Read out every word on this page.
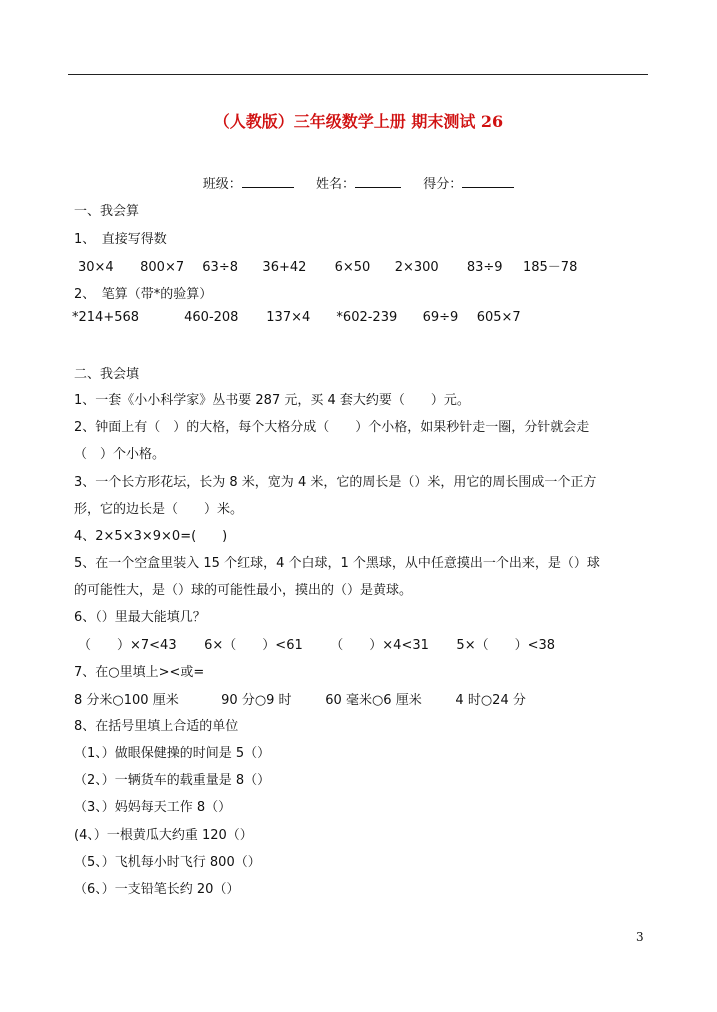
（人教版）三年级数学上册 期末测试 26
班级：	姓名：	得分：
一、我会算
1、　直接写得数
30×4 800×7 63÷8 36+42 6×50 2×300 83÷9 185－78
2、　笔算（带*的验算）
*214+568	460-208 137×4 *602-239 69÷9 605×7
二、我会填
1、一套《小小科学家》丛书要 287 元，买 4 套大约要（　　）元。
2、钟面上有（　）的大格，每个大格分成（　　）个小格，如果秒针走一圈，分针就会走
（　）个小格。
3、一个长方形花坛，长为 8 米，宽为 4 米，它的周长是（）米，用它的周长围成一个正方
形，它的边长是（　　）米。
4、2×5×3×9×0=(　　)
5、在一个空盒里装入 15 个红球，4 个白球，1 个黑球，从中任意摸出一个出来，是（）球
的可能性大，是（）球的可能性最小，摸出的（）是黄球。
6、（）里最大能填几？
（　　）×7<43 6×（　　）<61 （　　）×4<31 5×（　　）<38
7、在○里填上><或=
8 分米○100 厘米	90 分○9 时	60 毫米○6 厘米	4 时○24 分
8、在括号里填上合适的单位
（1、）做眼保健操的时间是 5（）
（2、）一辆货车的载重量是 8（）
（3、）妈妈每天工作 8（）
(4、）一根黄瓜大约重 120（）
（5、）飞机每小时飞行 800（）
（6、）一支铅笔长约 20（）
3
